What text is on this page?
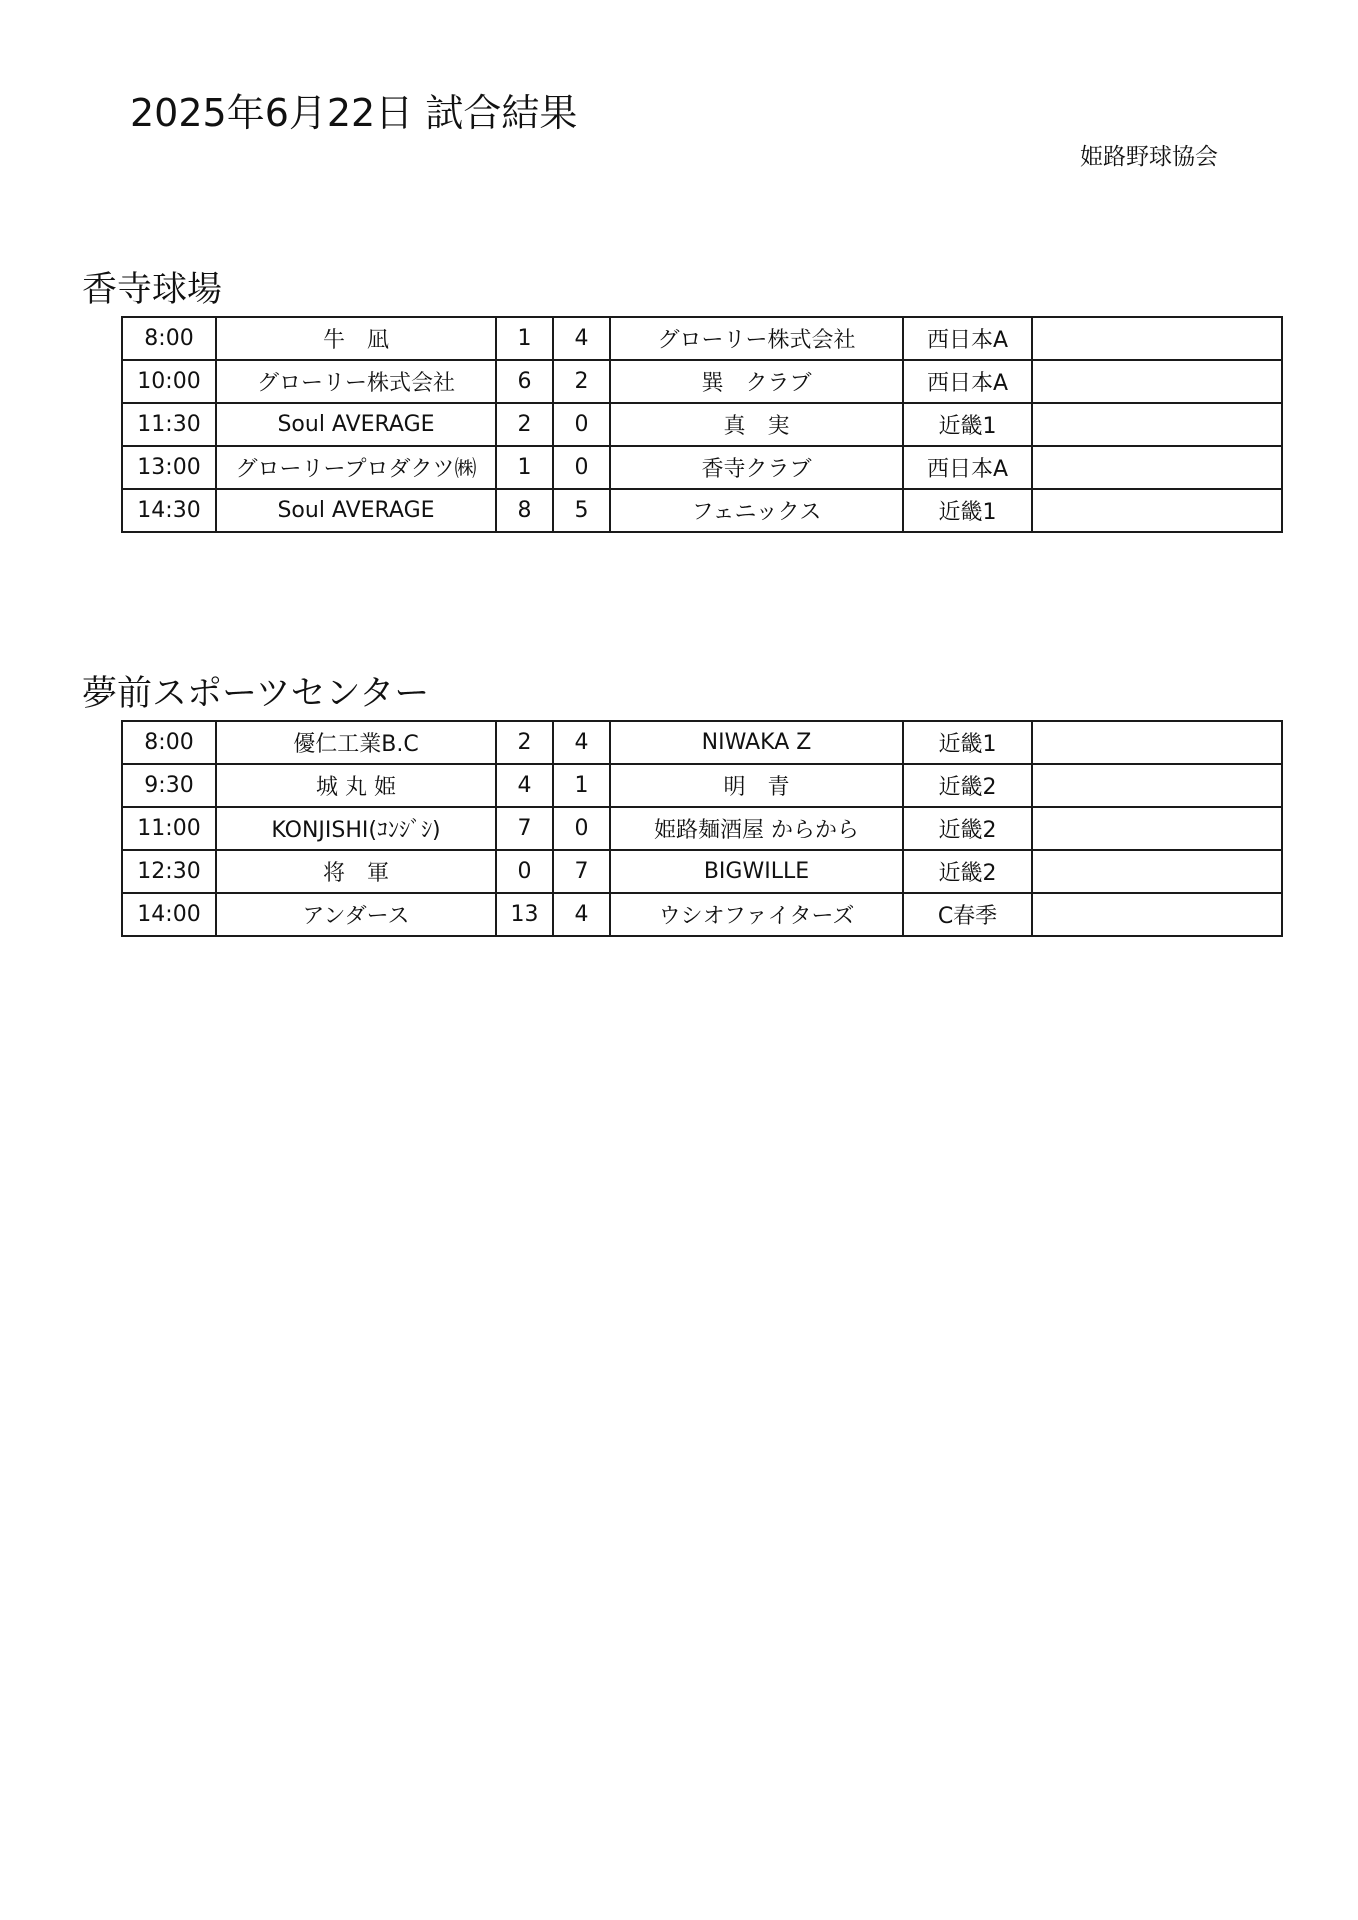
2025年6月22日 試合結果
姫路野球協会
香寺球場
8:00	牛　凪	1	4	グローリー株式会社	西日本A	
10:00	グローリー株式会社	6	2	巽　クラブ	西日本A	
11:30	Soul AVERAGE	2	0	真　実	近畿1	
13:00	グローリープロダクツ㈱	1	0	香寺クラブ	西日本A	
14:30	Soul AVERAGE	8	5	フェニックス	近畿1	
夢前スポーツセンター
8:00	優仁工業B.C	2	4	NIWAKA Z	近畿1	
9:30	城 丸 姫	4	1	明　青	近畿2	
11:00	KONJISHI(ｺﾝｼﾞｼ)	7	0	姫路麺酒屋 からから	近畿2	
12:30	将　軍	0	7	BIGWILLE	近畿2	
14:00	アンダース	13	4	ウシオファイターズ	C春季	
